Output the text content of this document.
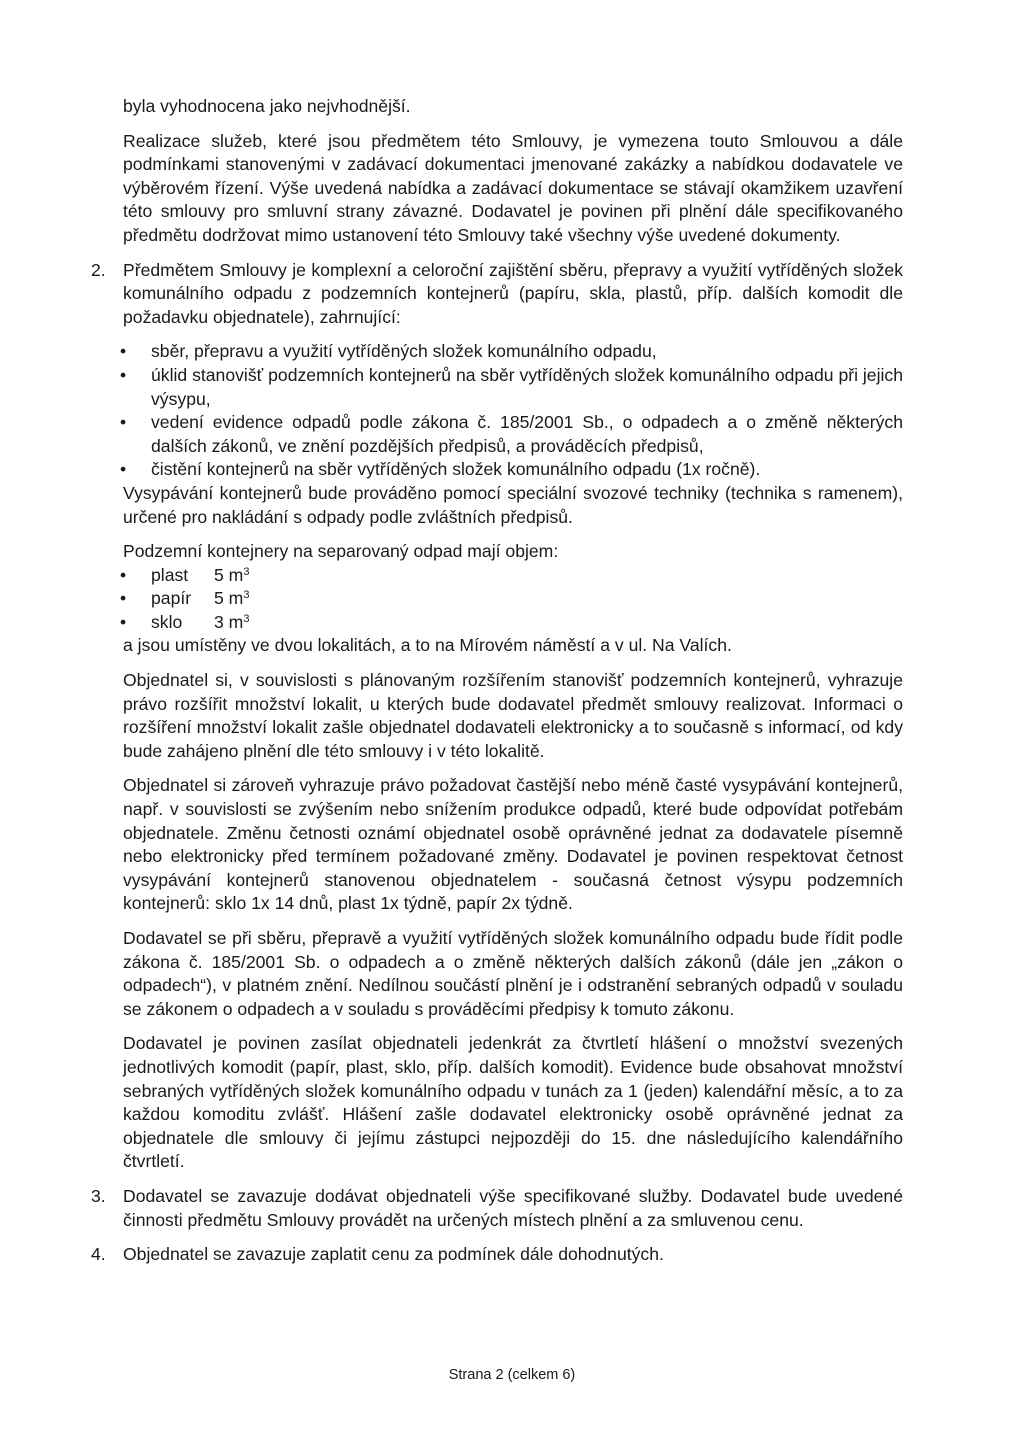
byla vyhodnocena jako nejvhodnější.

Realizace služeb, které jsou předmětem této Smlouvy, je vymezena touto Smlouvou a dále podmínkami stanovenými v zadávací dokumentaci jmenované zakázky a nabídkou dodavatele ve výběrovém řízení. Výše uvedená nabídka a zadávací dokumentace se stávají okamžikem uzavření této smlouvy pro smluvní strany závazné. Dodavatel je povinen při plnění dále specifikovaného předmětu dodržovat mimo ustanovení této Smlouvy také všechny výše uvedené dokumenty.

2. Předmětem Smlouvy je komplexní a celoroční zajištění sběru, přepravy a využití vytříděných složek komunálního odpadu z podzemních kontejnerů (papíru, skla, plastů, příp. dalších komodit dle požadavku objednatele), zahrnující:

• sběr, přepravu a využití vytříděných složek komunálního odpadu,
• úklid stanovišť podzemních kontejnerů na sběr vytříděných složek komunálního odpadu při jejich výsypu,
• vedení evidence odpadů podle zákona č. 185/2001 Sb., o odpadech a o změně některých dalších zákonů, ve znění pozdějších předpisů, a prováděcích předpisů,
• čistění kontejnerů na sběr vytříděných složek komunálního odpadu (1x ročně).

Vysypávání kontejnerů bude prováděno pomocí speciální svozové techniky (technika s ramenem), určené pro nakládání s odpady podle zvláštních předpisů.

Podzemní kontejnery na separovaný odpad mají objem:

• plast 5 $m^3$
• papír 5 $m^3$
• sklo 3 $m^3$

a jsou umístěny ve dvou lokalitách, a to na Mírovém náměstí a v ul. Na Valích.

Objednatel si, v souvislosti s plánovaným rozšířením stanovišť podzemních kontejnerů, vyhrazuje právo rozšířit množství lokalit, u kterých bude dodavatel předmět smlouvy realizovat. Informaci o rozšíření množství lokalit zašle objednatel dodavateli elektronicky a to současně s informací, od kdy bude zahájeno plnění dle této smlouvy i v této lokalitě.

Objednatel si zároveň vyhrazuje právo požadovat častější nebo méně časté vysypávání kontejnerů, např. v souvislosti se zvýšením nebo snížením produkce odpadů, které bude odpovídat potřebám objednatele. Změnu četnosti oznámí objednatel osobě oprávněné jednat za dodavatele písemně nebo elektronicky před termínem požadované změny. Dodavatel je povinen respektovat četnost vysypávání kontejnerů stanovenou objednatelem - současná četnost výsypu podzemních kontejnerů: sklo 1x 14 dnů, plast 1x týdně, papír 2x týdně.

Dodavatel se při sběru, přepravě a využití vytříděných složek komunálního odpadu bude řídit podle zákona č. 185/2001 Sb. o odpadech a o změně některých dalších zákonů (dále jen „zákon o odpadech“), v platném znění. Nedílnou součástí plnění je i odstranění sebraných odpadů v souladu se zákonem o odpadech a v souladu s prováděcími předpisy k tomuto zákonu.

Dodavatel je povinen zasílat objednateli jedenkrát za čtvrtletí hlášení o množství svezených jednotlivých komodit (papír, plast, sklo, příp. dalších komodit). Evidence bude obsahovat množství sebraných vytříděných složek komunálního odpadu v tunách za 1 (jeden) kalendářní měsíc, a to za každou komoditu zvlášť. Hlášení zašle dodavatel elektronicky osobě oprávněné jednat za objednatele dle smlouvy či jejímu zástupci nejpozději do 15. dne následujícího kalendářního čtvrtletí.

3. Dodavatel se zavazuje dodávat objednateli výše specifikované služby. Dodavatel bude uvedené činnosti předmětu Smlouvy provádět na určených místech plnění a za smluvenou cenu.

4. Objednatel se zavazuje zaplatit cenu za podmínek dále dohodnutých.

Strana 2 (celkem 6)
